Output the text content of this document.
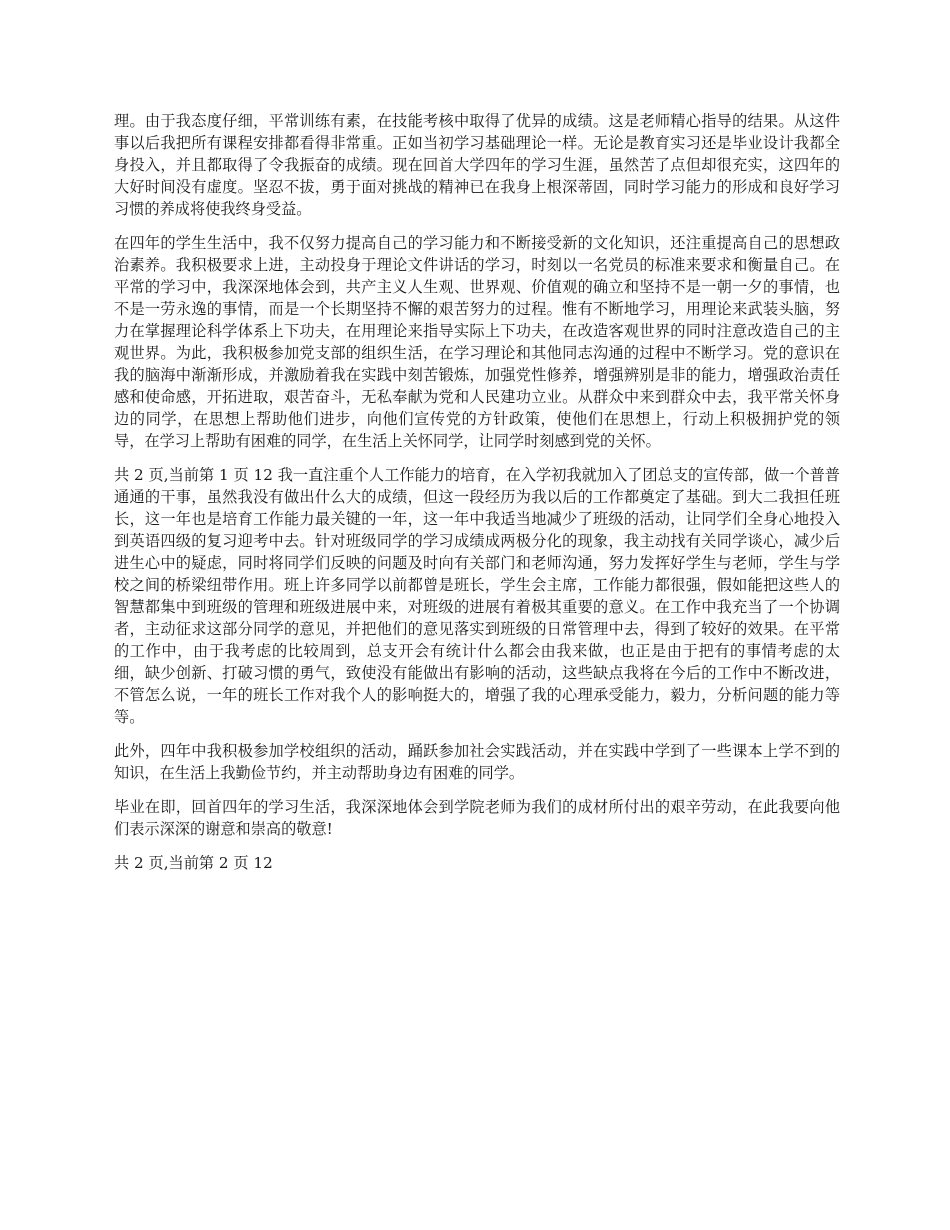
理。由于我态度仔细，平常训练有素，在技能考核中取得了优异的成绩。这是老师精心指导的结果。从这件事以后我把所有课程安排都看得非常重。正如当初学习基础理论一样。无论是教育实习还是毕业设计我都全身投入，并且都取得了令我振奋的成绩。现在回首大学四年的学习生涯，虽然苦了点但却很充实，这四年的大好时间没有虚度。坚忍不拔，勇于面对挑战的精神已在我身上根深蒂固，同时学习能力的形成和良好学习习惯的养成将使我终身受益。

在四年的学生生活中，我不仅努力提高自己的学习能力和不断接受新的文化知识，还注重提高自己的思想政治素养。我积极要求上进，主动投身于理论文件讲话的学习，时刻以一名党员的标准来要求和衡量自己。在平常的学习中，我深深地体会到，共产主义人生观、世界观、价值观的确立和坚持不是一朝一夕的事情，也不是一劳永逸的事情，而是一个长期坚持不懈的艰苦努力的过程。惟有不断地学习，用理论来武装头脑，努力在掌握理论科学体系上下功夫，在用理论来指导实际上下功夫，在改造客观世界的同时注意改造自己的主观世界。为此，我积极参加党支部的组织生活，在学习理论和其他同志沟通的过程中不断学习。党的意识在我的脑海中渐渐形成，并激励着我在实践中刻苦锻炼，加强党性修养，增强辨别是非的能力，增强政治责任感和使命感，开拓进取，艰苦奋斗，无私奉献为党和人民建功立业。从群众中来到群众中去，我平常关怀身边的同学，在思想上帮助他们进步，向他们宣传党的方针政策，使他们在思想上，行动上积极拥护党的领导，在学习上帮助有困难的同学，在生活上关怀同学，让同学时刻感到党的关怀。

共 2 页,当前第 1 页 12 我一直注重个人工作能力的培育，在入学初我就加入了团总支的宣传部，做一个普普通通的干事，虽然我没有做出什么大的成绩，但这一段经历为我以后的工作都奠定了基础。到大二我担任班长，这一年也是培育工作能力最关键的一年，这一年中我适当地减少了班级的活动，让同学们全身心地投入到英语四级的复习迎考中去。针对班级同学的学习成绩成两极分化的现象，我主动找有关同学谈心，减少后进生心中的疑虑，同时将同学们反映的问题及时向有关部门和老师沟通，努力发挥好学生与老师，学生与学校之间的桥梁纽带作用。班上许多同学以前都曾是班长，学生会主席，工作能力都很强，假如能把这些人的智慧都集中到班级的管理和班级进展中来，对班级的进展有着极其重要的意义。在工作中我充当了一个协调者，主动征求这部分同学的意见，并把他们的意见落实到班级的日常管理中去，得到了较好的效果。在平常的工作中，由于我考虑的比较周到，总支开会有统计什么都会由我来做，也正是由于把有的事情考虑的太细，缺少创新、打破习惯的勇气，致使没有能做出有影响的活动，这些缺点我将在今后的工作中不断改进，不管怎么说，一年的班长工作对我个人的影响挺大的，增强了我的心理承受能力，毅力，分析问题的能力等等。

此外，四年中我积极参加学校组织的活动，踊跃参加社会实践活动，并在实践中学到了一些课本上学不到的知识，在生活上我勤俭节约，并主动帮助身边有困难的同学。

毕业在即，回首四年的学习生活，我深深地体会到学院老师为我们的成材所付出的艰辛劳动，在此我要向他们表示深深的谢意和崇高的敬意!

共 2 页,当前第 2 页 12
